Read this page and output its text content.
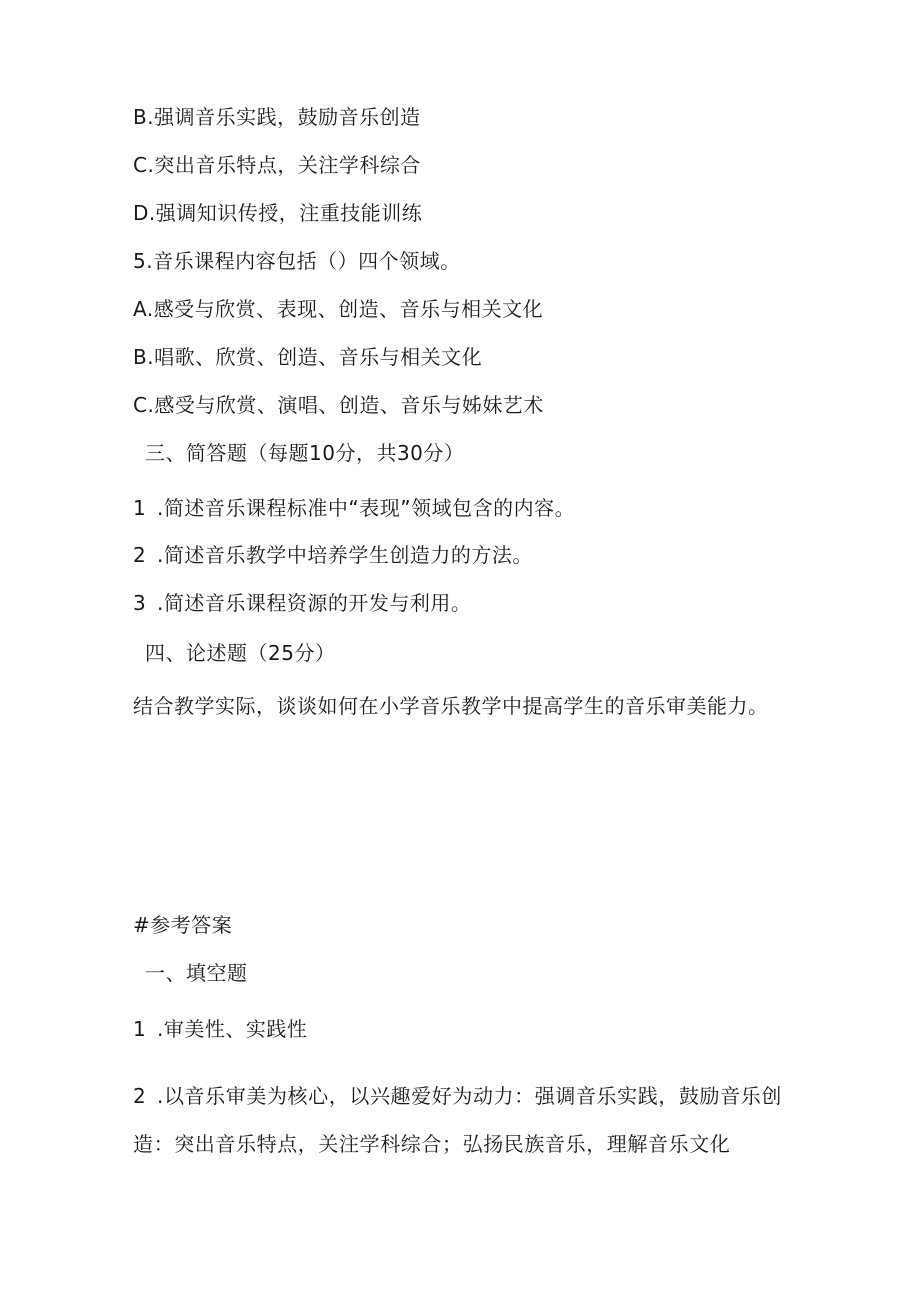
B.强调音乐实践，鼓励音乐创造
C.突出音乐特点，关注学科综合
D.强调知识传授，注重技能训练
5.音乐课程内容包括（）四个领域。
A.感受与欣赏、表现、创造、音乐与相关文化
B.唱歌、欣赏、创造、音乐与相关文化
C.感受与欣赏、演唱、创造、音乐与姊妹艺术
三、简答题（每题10分，共30分）
1 .简述音乐课程标准中“表现”领域包含的内容。
2 .简述音乐教学中培养学生创造力的方法。
3 .简述音乐课程资源的开发与利用。
四、论述题（25分）
结合教学实际，谈谈如何在小学音乐教学中提高学生的音乐审美能力。
#参考答案
一、填空题
1 .审美性、实践性
2 .以音乐审美为核心，以兴趣爱好为动力：强调音乐实践，鼓励音乐创造：突出音乐特点，关注学科综合；弘扬民族音乐，理解音乐文化
